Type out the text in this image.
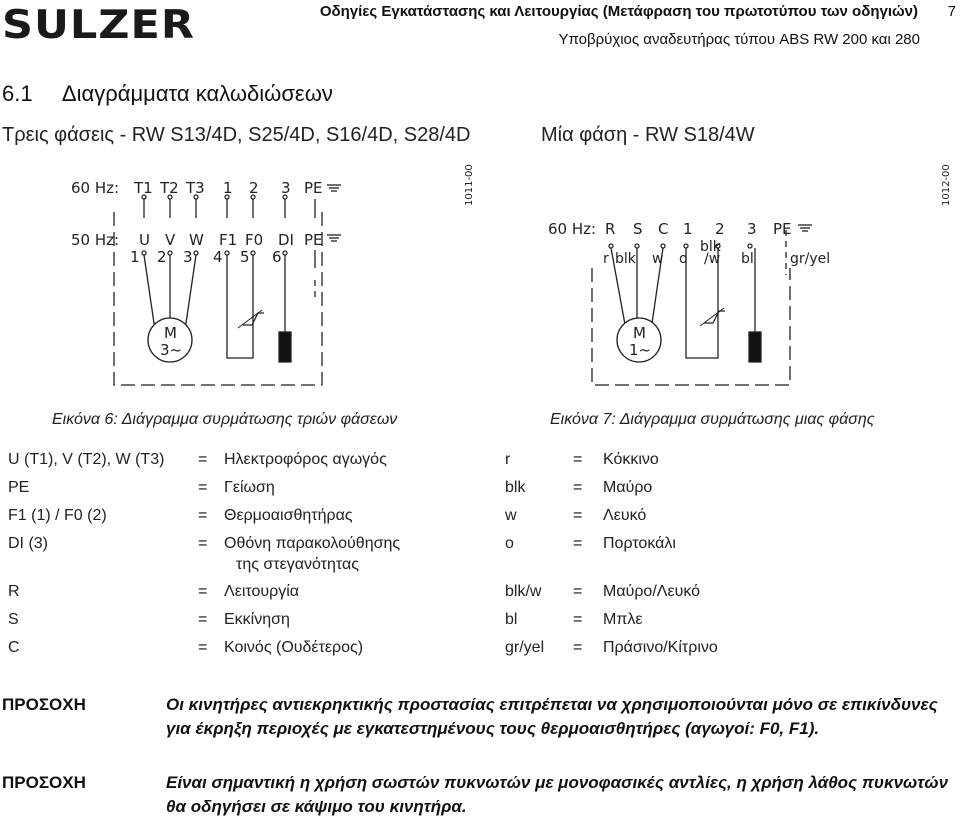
SULZER	Οδηγίες Εγκατάστασης και Λειτουργίας (Μετάφραση του πρωτοτύπου των οδηγιών) 7
Υποβρύχιος αναδευτήρας τύπου ABS RW 200 και 280
6.1     Διαγράμματα καλωδιώσεων
Τρεις φάσεις - RW S13/4D, S25/4D, S16/4D, S28/4D	Μία φάση - RW S18/4W
60 Hz: T1 T2 T3 1 2 3 PE
50 Hz: U V W F1 F0 DI PE
1 2 3 4 5 6
M
3~
1011-00
60 Hz: R S C 1 2 3 PE
r blk w o
blk
/w bl	gr/yel
M
1~
1012-00
Εικόνα 6: Διάγραμμα συρμάτωσης τριών φάσεων	Εικόνα 7: Διάγραμμα συρμάτωσης μιας φάσης
U (T1), V (T2), W (T3) = Ηλεκτροφόρος αγωγός
PE	= Γείωση
F1 (1) / F0 (2)	= Θερμοαισθητήρας
DI (3)	= Οθόνη παρακολούθησης
της στεγανότητας
R	= Λειτουργία
S	= Εκκίνηση
C	= Κοινός (Ουδέτερος)
r	= Κόκκινο
blk	= Μαύρο
w	= Λευκό
o	= Πορτοκάλι
blk/w = Μαύρο/Λευκό
bl	= Μπλε
gr/yel = Πράσινο/Κίτρινο
ΠΡΟΣΟΧΗ	Οι κινητήρες αντιεκρηκτικής προστασίας επιτρέπεται να χρησιμοποιούνται μόνο σε επικίνδυνες για έκρηξη περιοχές με εγκατεστημένους τους θερμοαισθητήρες (αγωγοί: F0, F1).
ΠΡΟΣΟΧΗ	Είναι σημαντική η χρήση σωστών πυκνωτών με μονοφασικές αντλίες, η χρήση λάθος πυκνωτών θα οδηγήσει σε κάψιμο του κινητήρα.
